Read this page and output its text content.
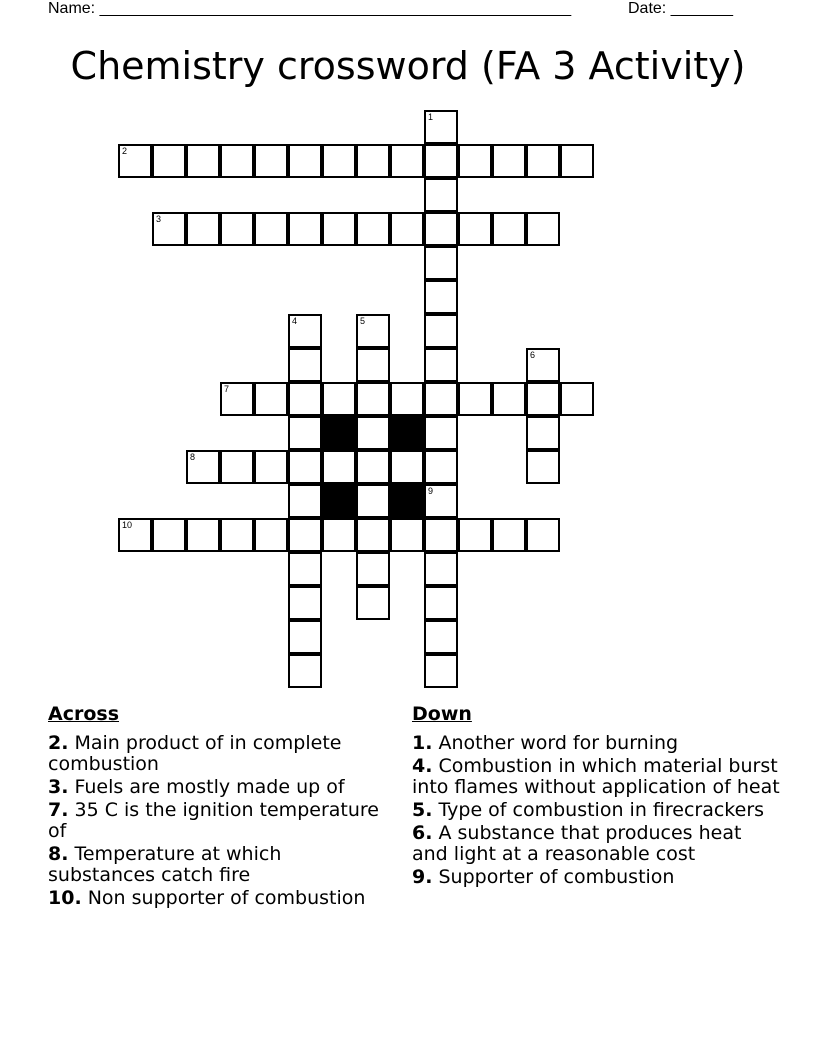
Name: _____________________________________________________	Date: _______
Chemistry crossword (FA 3 Activity)
1
9
2
3
4	5
6
7
8
10
Across
2. Main product of in complete combustion
3. Fuels are mostly made up of
7. 35 C is the ignition temperature of
8. Temperature at which substances catch fire
10. Non supporter of combustion
Down
1. Another word for burning
4. Combustion in which material burst into flames without application of heat
5. Type of combustion in firecrackers
6. A substance that produces heat and light at a reasonable cost
9. Supporter of combustion
